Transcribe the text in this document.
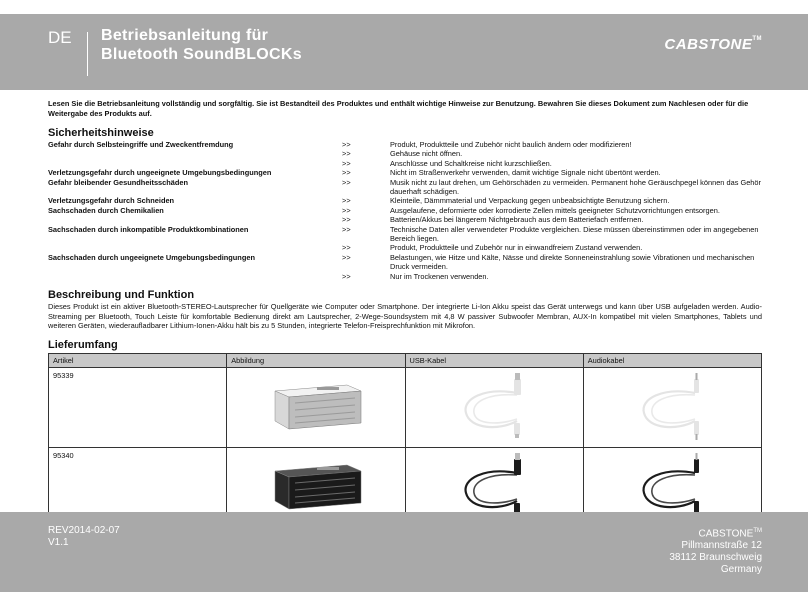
DE Betriebsanleitung für
Bluetooth SoundBLOCKs
CABSTONE™
Lesen Sie die Betriebsanleitung vollständig und sorgfältig. Sie ist Bestandteil des Produktes und enthält wichtige Hinweise zur Benutzung. Bewahren Sie dieses Dokument zum Nachlesen oder für die Weitergabe des Produkts auf.
Sicherheitshinweise
Gefahr durch Selbsteingriffe und Zweckentfremdung	>>	Produkt, Produktteile und Zubehör nicht baulich ändern oder modifizieren!
>>	Gehäuse nicht öffnen.
>>	Anschlüsse und Schaltkreise nicht kurzschließen.
Verletzungsgefahr durch ungeeignete Umgebungsbedingungen	>>	Nicht im Straßenverkehr verwenden, damit wichtige Signale nicht übertönt werden.
Gefahr bleibender Gesundheitsschäden	>>	Musik nicht zu laut drehen, um Gehörschäden zu vermeiden. Permanent hohe Geräuschpegel können das Gehör dauerhaft schädigen.
Verletzungsgefahr durch Schneiden	>>	Kleinteile, Dämmmaterial und Verpackung gegen unbeabsichtigte Benutzung sichern.
Sachschaden durch Chemikalien	>>	Ausgelaufene, deformierte oder korrodierte Zellen mittels geeigneter Schutzvorrichtungen entsorgen.
>>	Batterien/Akkus bei längerem Nichtgebrauch aus dem Batteriefach entfernen.
Sachschaden durch inkompatible Produktkombinationen	>>	Technische Daten aller verwendeter Produkte vergleichen. Diese müssen übereinstimmen oder im angegebenen Bereich liegen.
>>	Produkt, Produktteile und Zubehör nur in einwandfreiem Zustand verwenden.
Sachschaden durch ungeeignete Umgebungsbedingungen	>>	Belastungen, wie Hitze und Kälte, Nässe und direkte Sonneneinstrahlung sowie Vibrationen und mechanischen Druck vermeiden.
>>	Nur im Trockenen verwenden.
Beschreibung und Funktion
Dieses Produkt ist ein aktiver Bluetooth-STEREO-Lautsprecher für Quellgeräte wie Computer oder Smartphone. Der integrierte Li-Ion Akku speist das Gerät unterwegs und kann über USB aufgeladen werden. Audio-Streaming per Bluetooth, Touch Leiste für komfortable Bedienung direkt am Lautsprecher, 2-Wege-Soundsystem mit 4,8 W passiver Subwoofer Membran, AUX-In kompatibel mit vielen Smartphones, Tablets und weiteren Geräten, wiederaufladbarer Lithium-Ionen-Akku hält bis zu 5 Stunden, integrierte Telefon-Freisprechfunktion mit Mikrofon.
Lieferumfang
Artikel	Abbildung	USB-Kabel	Audiokabel

95339

95340

REV2014-02-07
V1.1
CABSTONE™
Pillmannstraße 12
38112 Braunschweig
Germany
